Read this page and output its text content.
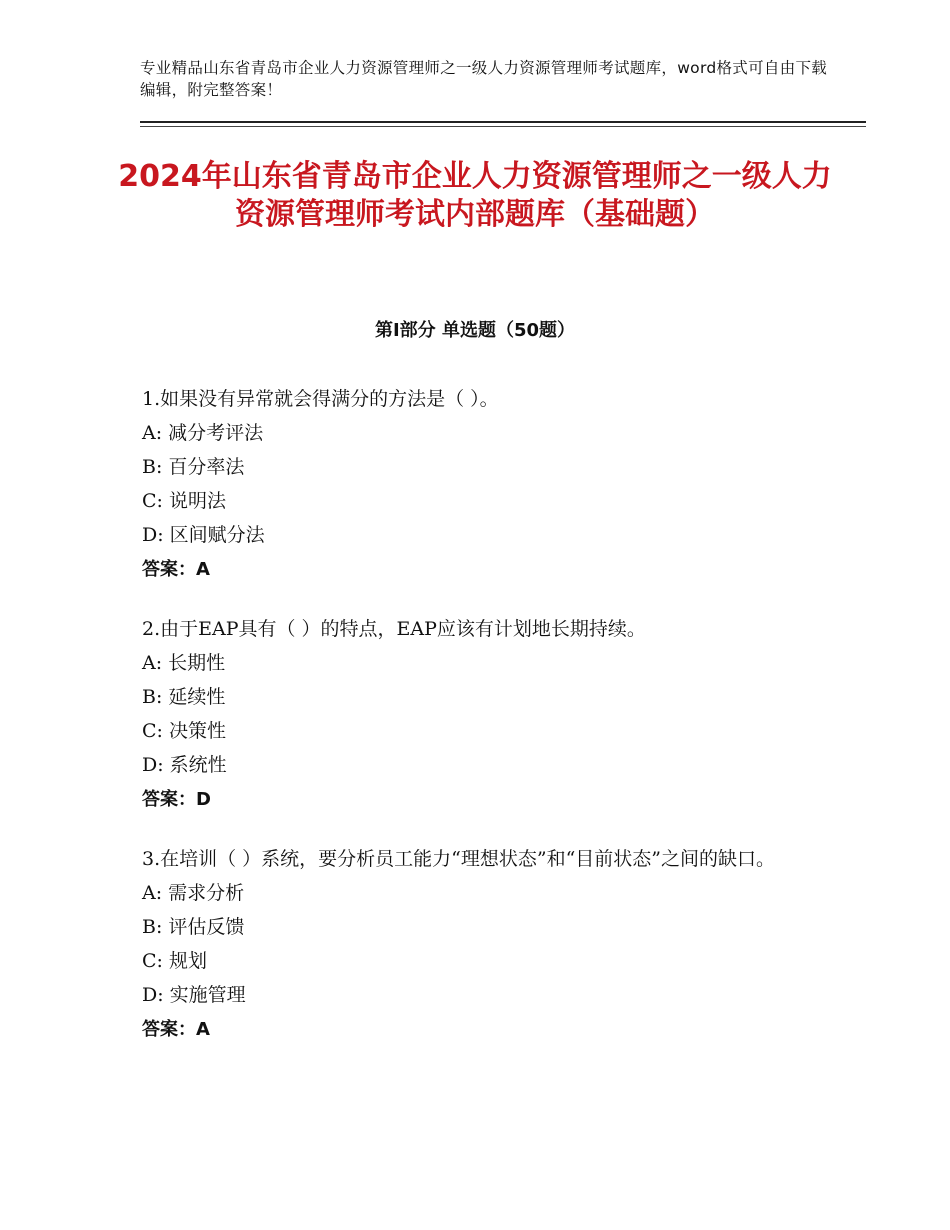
专业精品山东省青岛市企业人力资源管理师之一级人力资源管理师考试题库，word格式可自由下载编辑，附完整答案！
2024年山东省青岛市企业人力资源管理师之一级人力资源管理师考试内部题库（基础题）
第I部分 单选题（50题）
1.如果没有异常就会得满分的方法是（ ）。
A: 减分考评法
B: 百分率法
C: 说明法
D: 区间赋分法
答案：A
2.由于EAP具有（ ）的特点，EAP应该有计划地长期持续。
A: 长期性
B: 延续性
C: 决策性
D: 系统性
答案：D
3.在培训（ ）系统，要分析员工能力“理想状态”和“目前状态”之间的缺口。
A: 需求分析
B: 评估反馈
C: 规划
D: 实施管理
答案：A
